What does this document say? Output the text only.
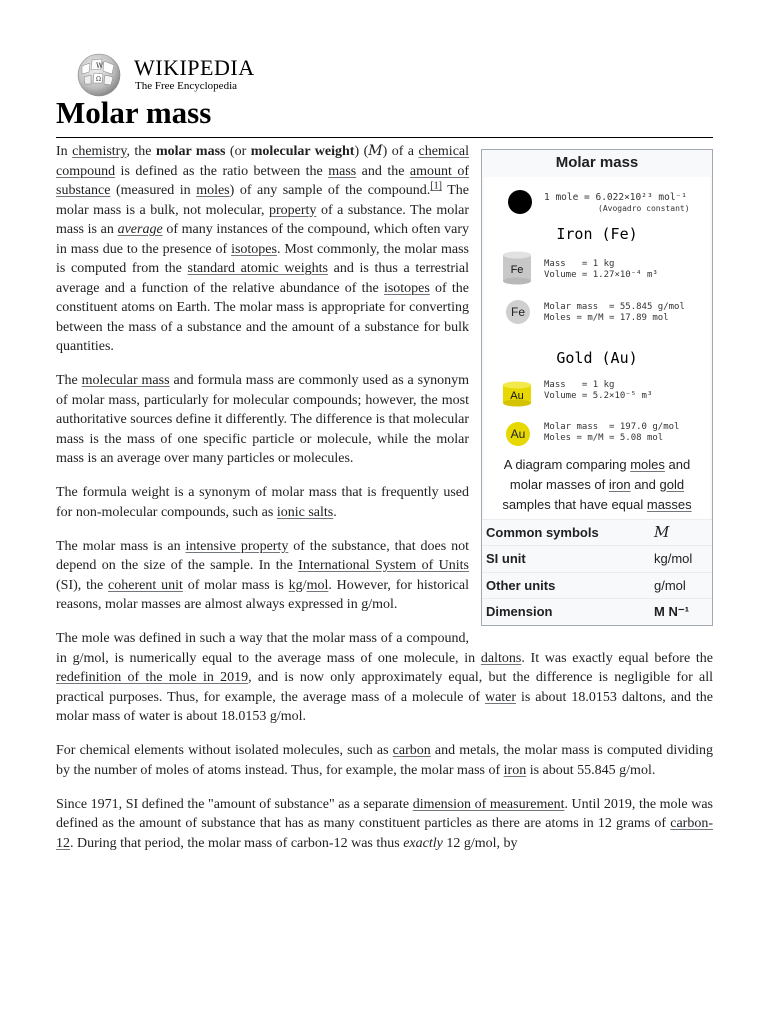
W
Ω WIKIPEDIA
The Free Encyclopedia
Molar mass
Molar mass
1 mole = 6.022×10²³ mol⁻¹
(Avogadro constant)
Iron (Fe)
Fe Mass   = 1 kg
Volume = 1.27×10⁻⁴ m³
Fe	Molar mass  = 55.845 g/mol
Moles = m/M = 17.89 mol
Gold (Au)
Au
Mass   = 1 kg
Volume = 5.2×10⁻⁵ m³
Au	Molar mass  = 197.0 g/mol
Moles = m/M = 5.08 mol
A diagram comparing moles and molar masses of iron and gold samples that have equal masses
Common symbols	M
SI unit	kg/mol
Other units	g/mol
Dimension	M N⁻¹

In chemistry, the molar mass (or molecular weight) (M) of a chemical compound is defined as the ratio between the mass and the amount of substance (measured in moles) of any sample of the compound.[1] The molar mass is a bulk, not molecular, property of a substance. The molar mass is an average of many instances of the compound, which often vary in mass due to the presence of isotopes. Most commonly, the molar mass is computed from the standard atomic weights and is thus a terrestrial average and a function of the relative abundance of the isotopes of the constituent atoms on Earth. The molar mass is appropriate for converting between the mass of a substance and the amount of a substance for bulk quantities.

The molecular mass and formula mass are commonly used as a synonym of molar mass, particularly for molecular compounds; however, the most authoritative sources define it differently. The difference is that molecular mass is the mass of one specific particle or molecule, while the molar mass is an average over many particles or molecules.

The formula weight is a synonym of molar mass that is frequently used for non-molecular compounds, such as ionic salts.

The molar mass is an intensive property of the substance, that does not depend on the size of the sample. In the International System of Units (SI), the coherent unit of molar mass is kg/mol. However, for historical reasons, molar masses are almost always expressed in g/mol.

The mole was defined in such a way that the molar mass of a compound, in g/mol, is numerically equal to the average mass of one molecule, in daltons. It was exactly equal before the redefinition of the mole in 2019, and is now only approximately equal, but the difference is negligible for all practical purposes. Thus, for example, the average mass of a molecule of water is about 18.0153 daltons, and the molar mass of water is about 18.0153 g/mol.

For chemical elements without isolated molecules, such as carbon and metals, the molar mass is computed dividing by the number of moles of atoms instead. Thus, for example, the molar mass of iron is about 55.845 g/mol.

Since 1971, SI defined the "amount of substance" as a separate dimension of measurement. Until 2019, the mole was defined as the amount of substance that has as many constituent particles as there are atoms in 12 grams of carbon-12. During that period, the molar mass of carbon-12 was thus exactly 12 g/mol, by
